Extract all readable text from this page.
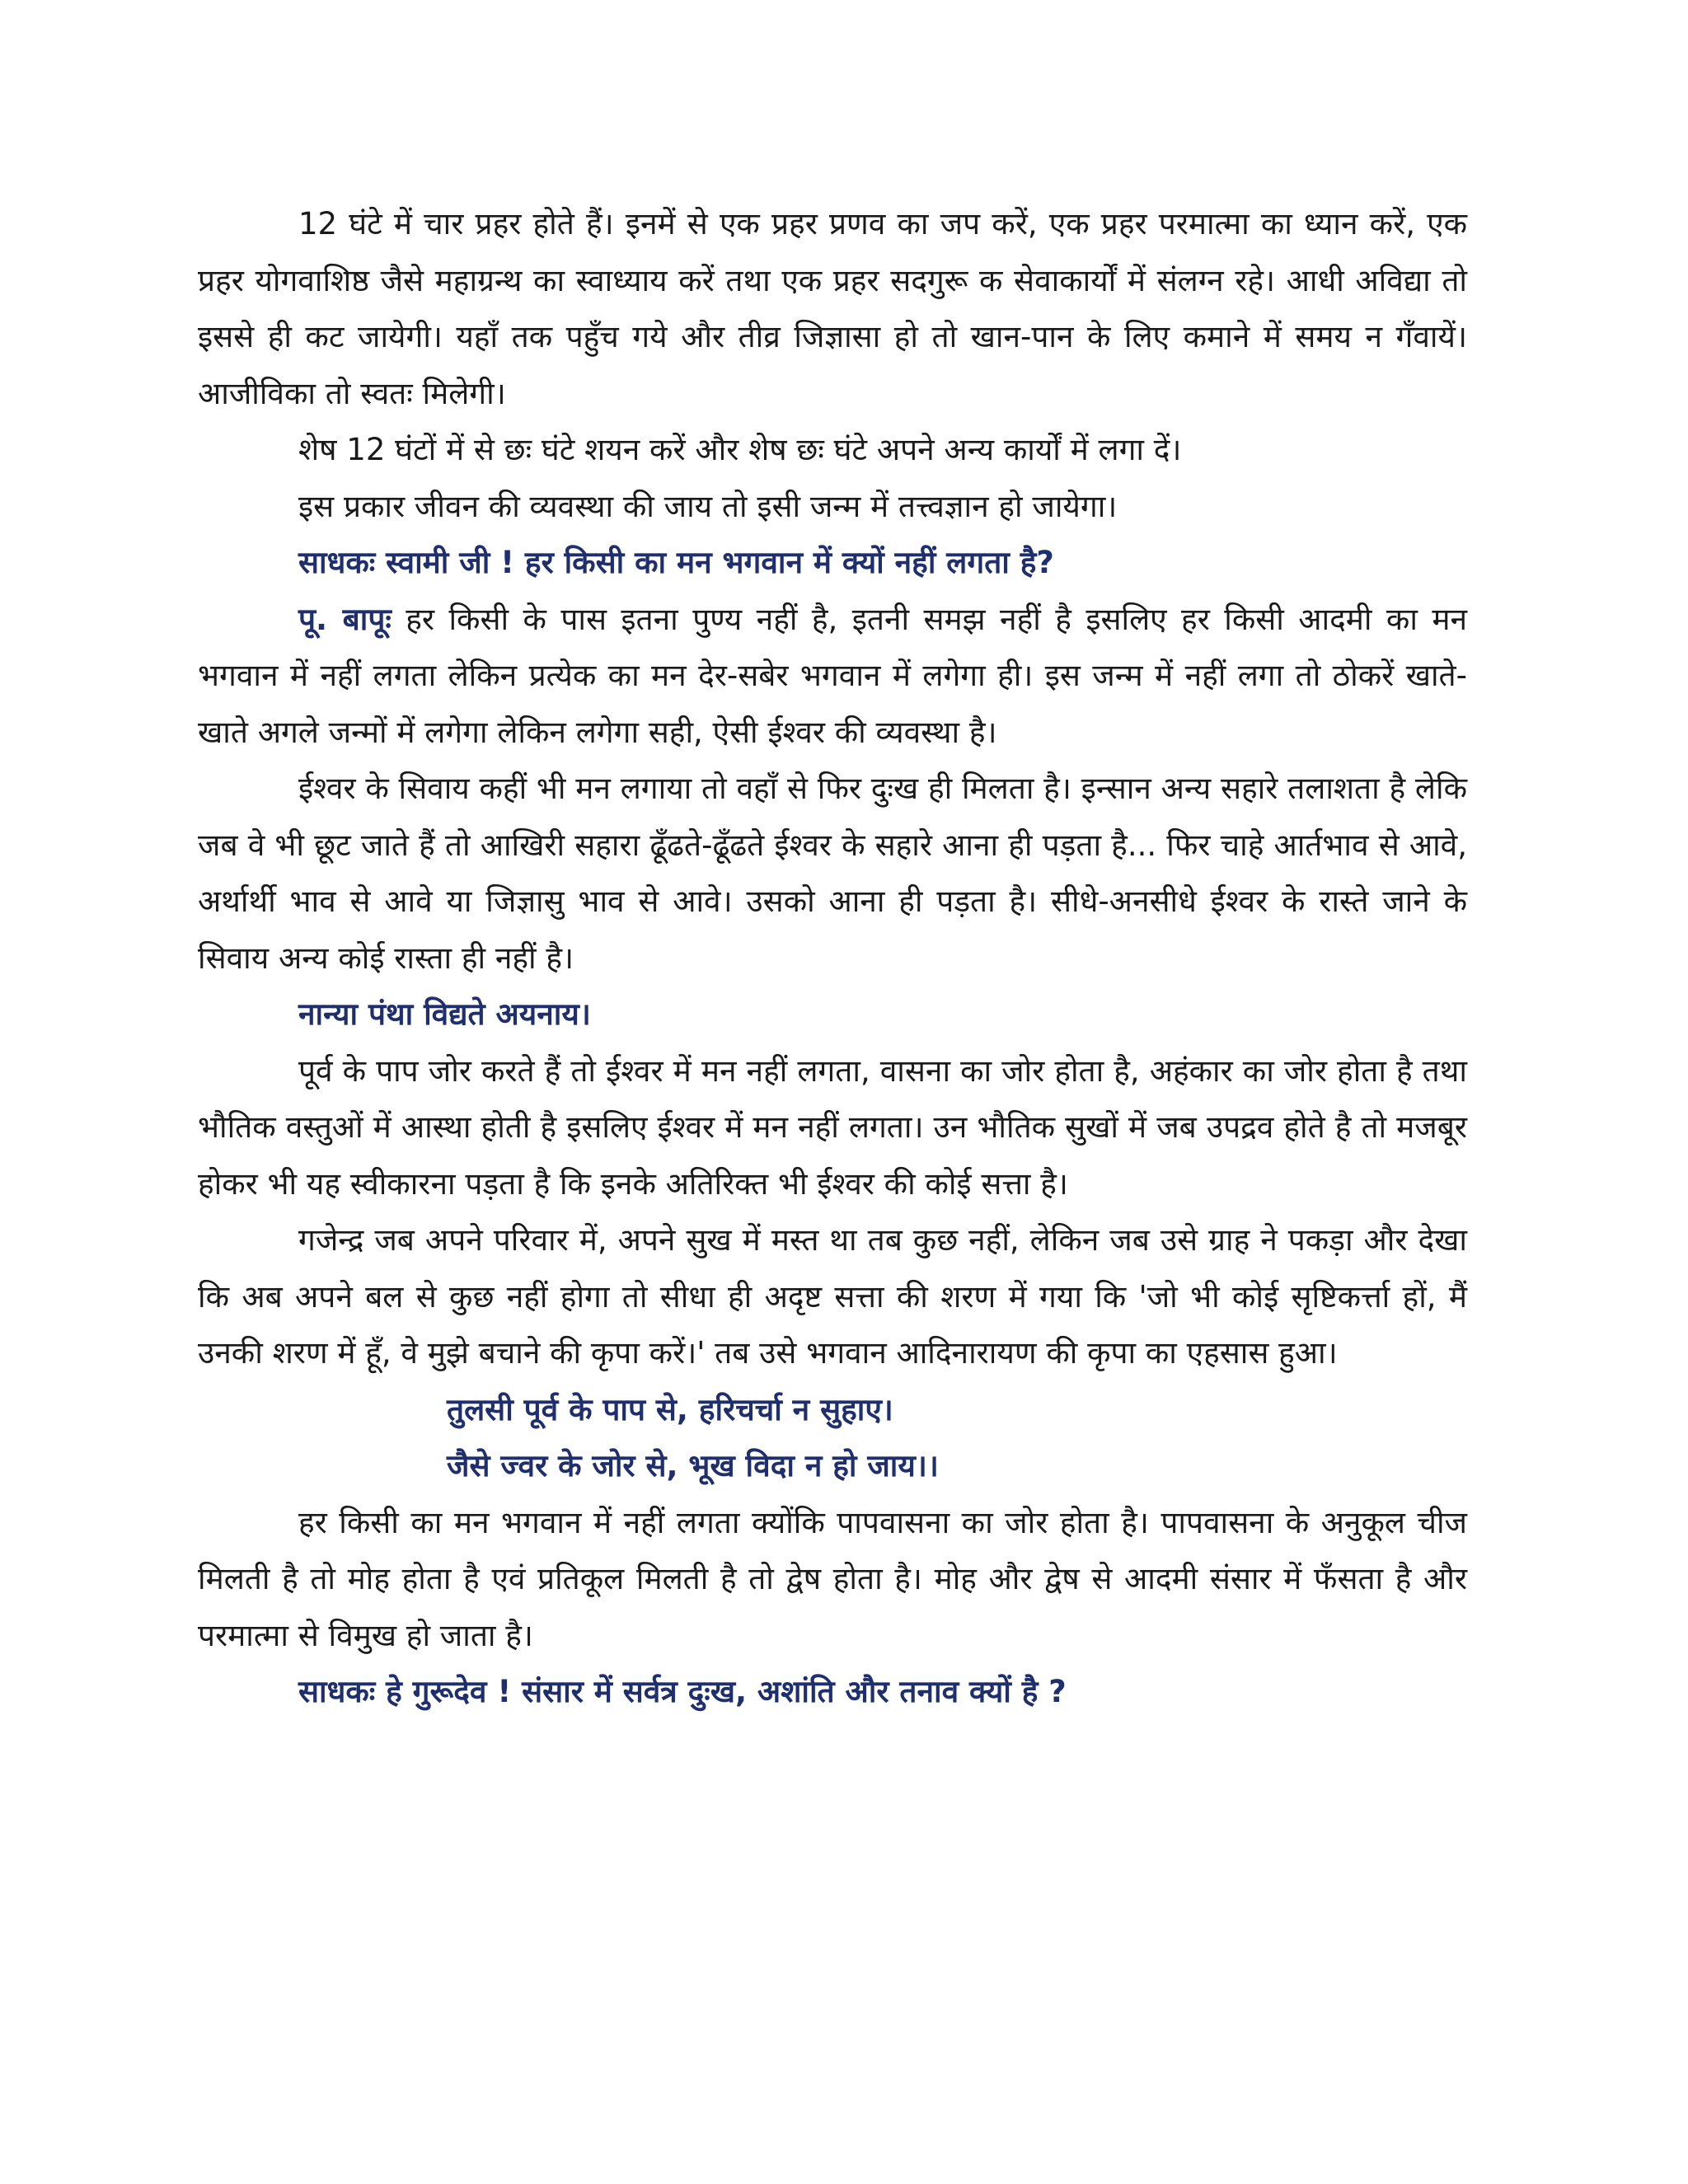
12 घंटे में चार प्रहर होते हैं। इनमें से एक प्रहर प्रणव का जप करें, एक प्रहर परमात्मा का ध्यान करें, एक प्रहर योगवाशिष्ठ जैसे महाग्रन्थ का स्वाध्याय करें तथा एक प्रहर सदगुरू क सेवाकार्यों में संलग्न रहे। आधी अविद्या तो इससे ही कट जायेगी। यहाँ तक पहुँच गये और तीव्र जिज्ञासा हो तो खान-पान के लिए कमाने में समय न गँवायें। आजीविका तो स्वतः मिलेगी।

शेष 12 घंटों में से छः घंटे शयन करें और शेष छः घंटे अपने अन्य कार्यों में लगा दें।

इस प्रकार जीवन की व्यवस्था की जाय तो इसी जन्म में तत्त्वज्ञान हो जायेगा।

साधकः स्वामी जी ! हर किसी का मन भगवान में क्यों नहीं लगता है?

पू. बापूः हर किसी के पास इतना पुण्य नहीं है, इतनी समझ नहीं है इसलिए हर किसी आदमी का मन भगवान में नहीं लगता लेकिन प्रत्येक का मन देर-सबेर भगवान में लगेगा ही। इस जन्म में नहीं लगा तो ठोकरें खाते-खाते अगले जन्मों में लगेगा लेकिन लगेगा सही, ऐसी ईश्वर की व्यवस्था है।

ईश्वर के सिवाय कहीं भी मन लगाया तो वहाँ से फिर दुःख ही मिलता है। इन्सान अन्य सहारे तलाशता है लेकि जब वे भी छूट जाते हैं तो आखिरी सहारा ढूँढते-ढूँढते ईश्वर के सहारे आना ही पड़ता है... फिर चाहे आर्तभाव से आवे, अर्थार्थी भाव से आवे या जिज्ञासु भाव से आवे। उसको आना ही पड़ता है। सीधे-अनसीधे ईश्वर के रास्ते जाने के सिवाय अन्य कोई रास्ता ही नहीं है।

नान्या पंथा विद्यते अयनाय।

पूर्व के पाप जोर करते हैं तो ईश्वर में मन नहीं लगता, वासना का जोर होता है, अहंकार का जोर होता है तथा भौतिक वस्तुओं में आस्था होती है इसलिए ईश्वर में मन नहीं लगता। उन भौतिक सुखों में जब उपद्रव होते है तो मजबूर होकर भी यह स्वीकारना पड़ता है कि इनके अतिरिक्त भी ईश्वर की कोई सत्ता है।

गजेन्द्र जब अपने परिवार में, अपने सुख में मस्त था तब कुछ नहीं, लेकिन जब उसे ग्राह ने पकड़ा और देखा कि अब अपने बल से कुछ नहीं होगा तो सीधा ही अदृष्ट सत्ता की शरण में गया कि 'जो भी कोई सृष्टिकर्त्ता हों, मैं उनकी शरण में हूँ, वे मुझे बचाने की कृपा करें।' तब उसे भगवान आदिनारायण की कृपा का एहसास हुआ।

तुलसी पूर्व के पाप से, हरिचर्चा न सुहाए।

जैसे ज्वर के जोर से, भूख विदा न हो जाय।।

हर किसी का मन भगवान में नहीं लगता क्योंकि पापवासना का जोर होता है। पापवासना के अनुकूल चीज मिलती है तो मोह होता है एवं प्रतिकूल मिलती है तो द्वेष होता है। मोह और द्वेष से आदमी संसार में फँसता है और परमात्मा से विमुख हो जाता है।

साधकः हे गुरूदेव ! संसार में सर्वत्र दुःख, अशांति और तनाव क्यों है ?
